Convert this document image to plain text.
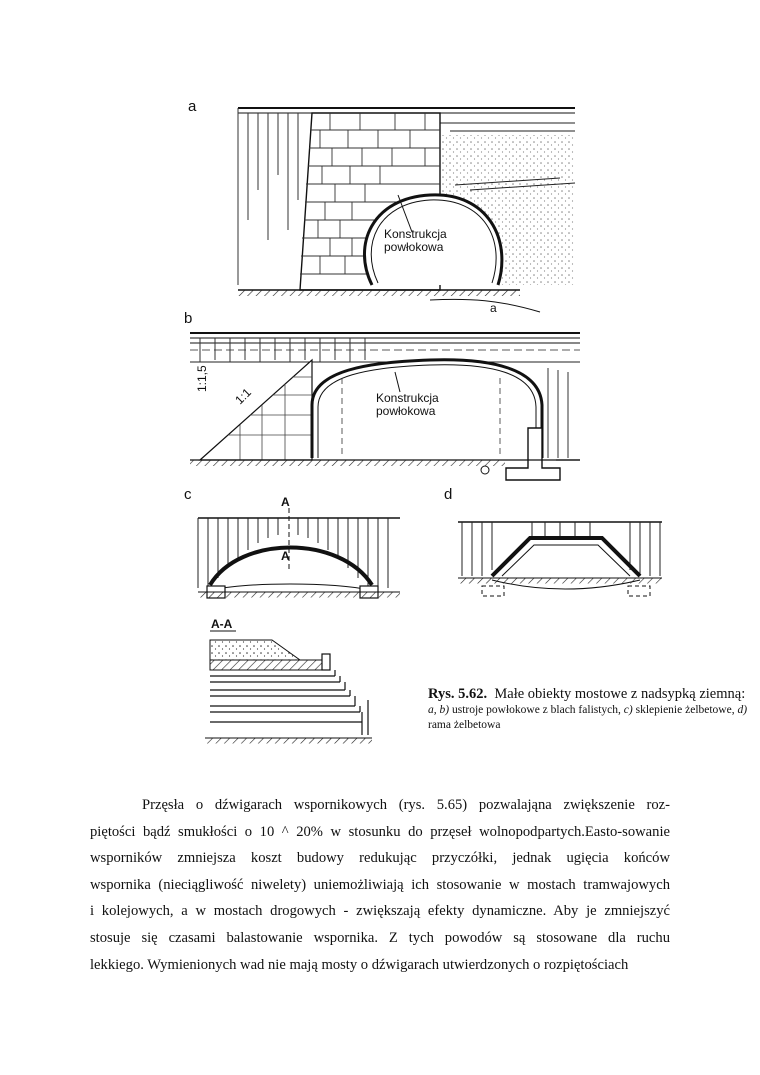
a
b
c	d
Konstrukcja
powłokowa
a
1:1,5
1:1	Konstrukcja
powłokowa
A
A
A-A
Rys. 5.62. Małe obiekty mostowe z nadsypką ziemną:
a, b) ustroje powłokowe z blach falistych, c) sklepienie żelbetowe, d) rama żelbetowa
Przęsła o dźwigarach wspornikowych (rys. 5.65) pozwalająna zwiększenie roz-
piętości bądź smukłości o 10 ^ 20% w stosunku do przęseł wolnopodpartych.Easto-sowanie
wsporników zmniejsza koszt budowy redukując przyczółki, jednak ugięcia końców
wspornika (nieciągliwość niwelety) uniemożliwiają ich stosowanie w mostach tramwajowych
i kolejowych, a w mostach drogowych - zwiększają efekty dynamiczne. Aby je zmniejszyć
stosuje się czasami balastowanie wspornika. Z tych powodów są stosowane dla ruchu
lekkiego. Wymienionych wad nie mają mosty o dźwigarach utwierdzonych o rozpiętościach
